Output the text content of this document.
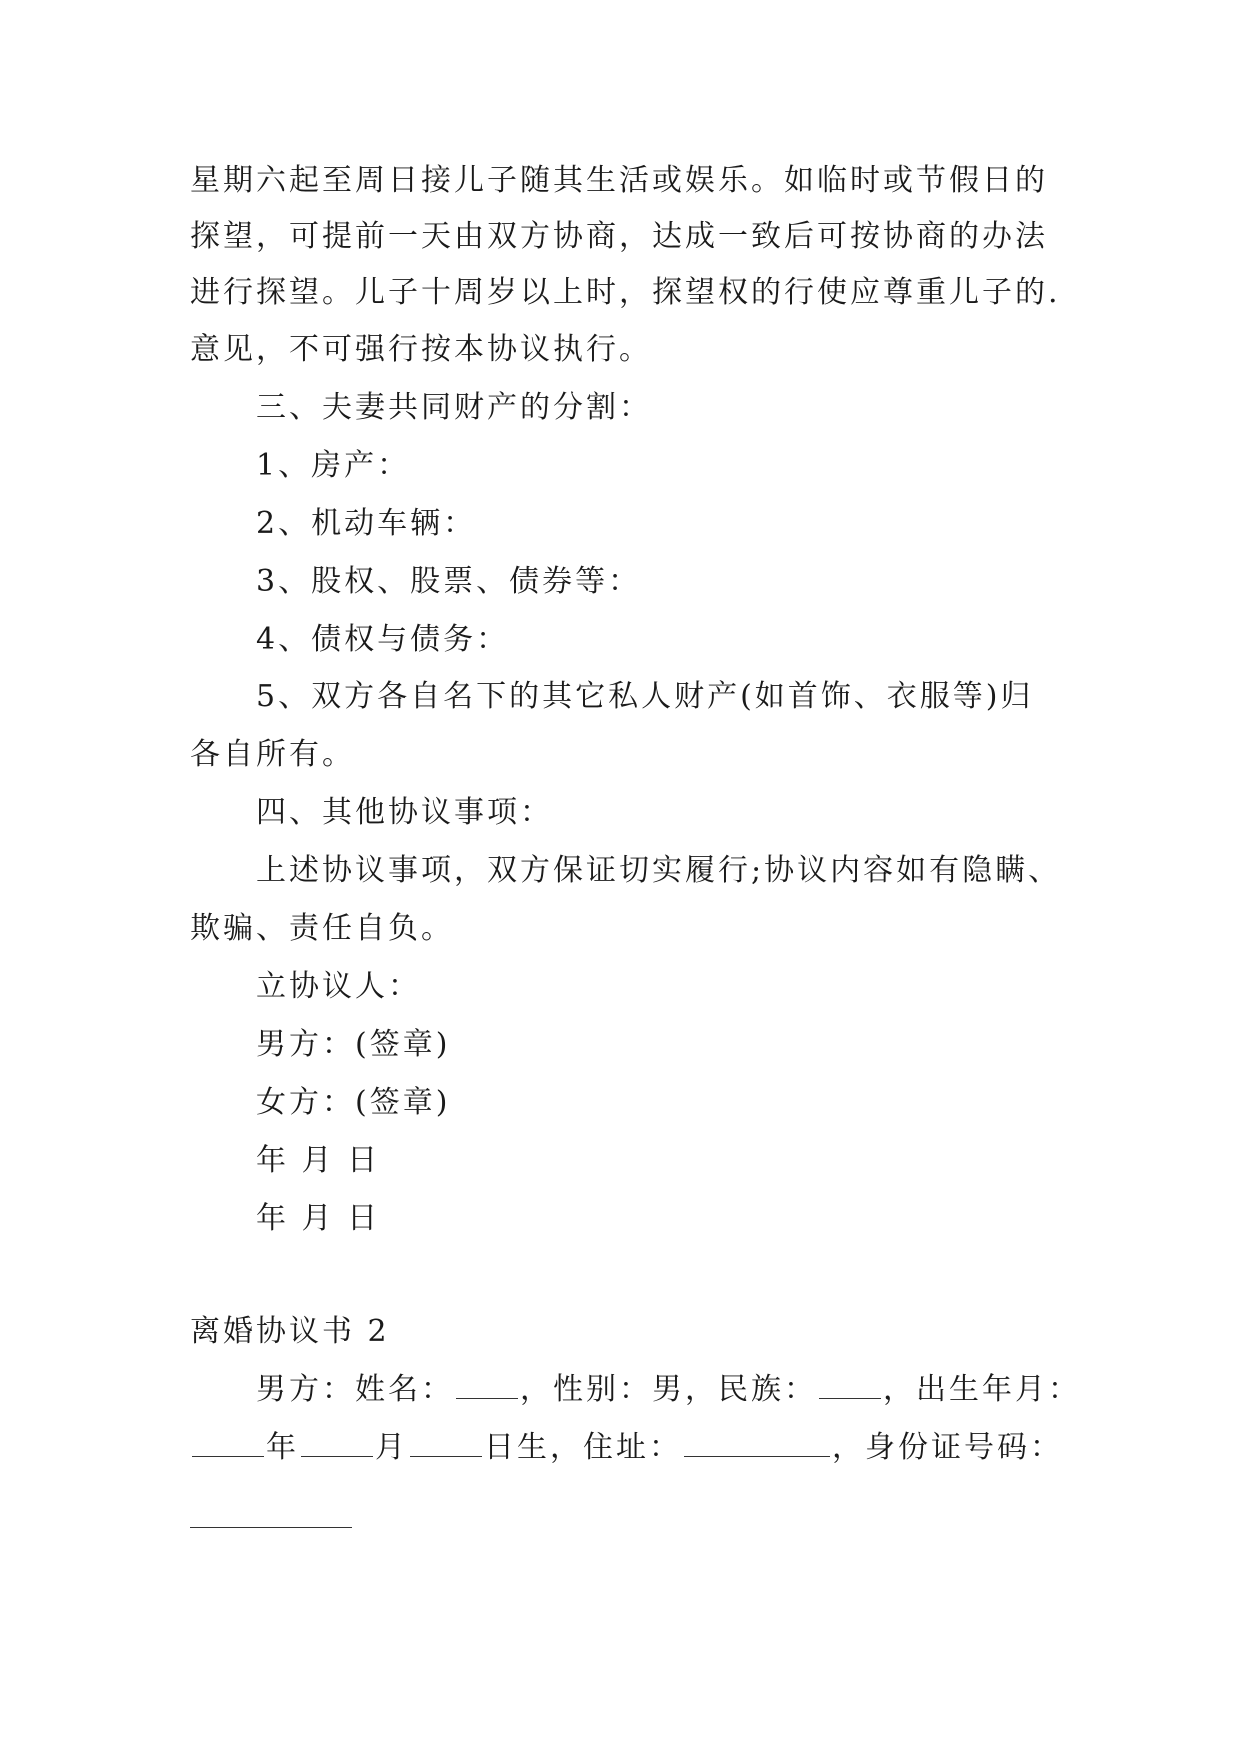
星期六起至周日接儿子随其生活或娱乐。如临时或节假日的
探望，可提前一天由双方协商，达成一致后可按协商的办法
进行探望。儿子十周岁以上时，探望权的行使应尊重儿子的.
意见，不可强行按本协议执行。
三、夫妻共同财产的分割：
1、房产：
2、机动车辆：
3、股权、股票、债券等：
4、债权与债务：
5、双方各自名下的其它私人财产(如首饰、衣服等)归
各自所有。
四、其他协议事项：
上述协议事项，双方保证切实履行;协议内容如有隐瞒、
欺骗、责任自负。
立协议人：
男方：(签章)
女方：(签章)
年 月 日
年 月 日
离婚协议书 2
男方：姓名： ，性别：男，民族： ，出生年月：
年	月	日生，住址：	，身份证号码：
